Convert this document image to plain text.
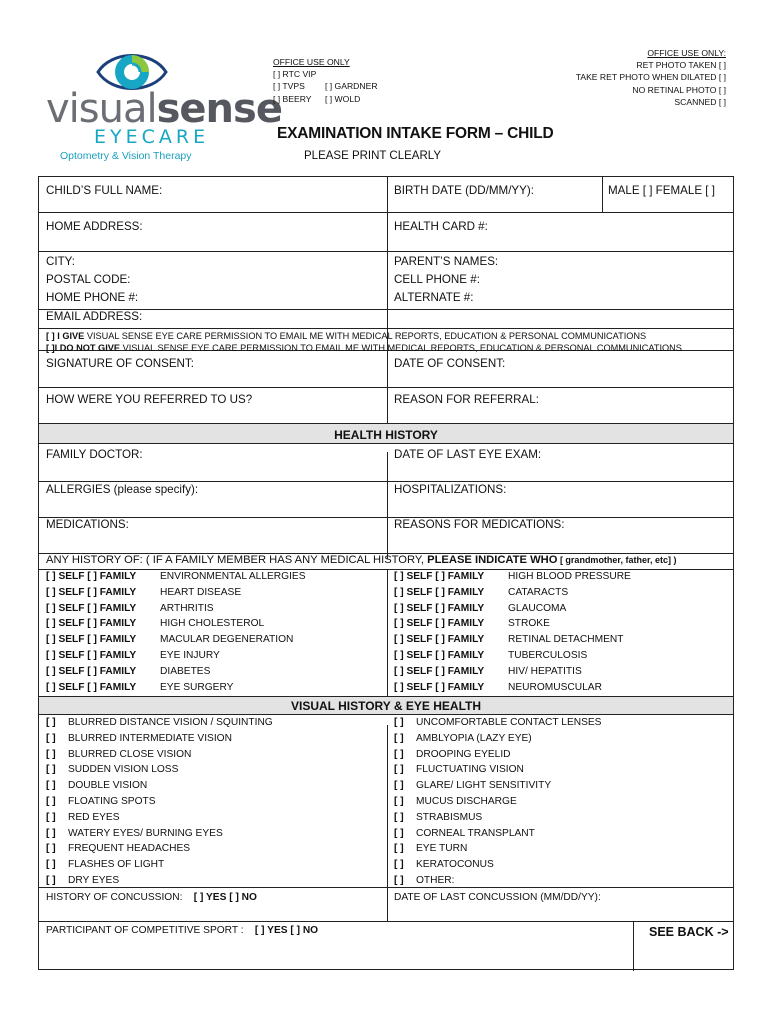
visualsense
EYECARE
Optometry & Vision Therapy
OFFICE USE ONLY
[ ] RTC VIP
[ ] TVPS [ ] GARDNER
[ ] BEERY [ ] WOLD
OFFICE USE ONLY:
RET PHOTO TAKEN [ ]
TAKE RET PHOTO WHEN DILATED [ ]
NO RETINAL PHOTO [ ]
SCANNED [ ]
EXAMINATION INTAKE FORM – CHILD
PLEASE PRINT CLEARLY
CHILD’S FULL NAME:	BIRTH DATE (DD/MM/YY):	MALE [ ] FEMALE [ ]
HOME ADDRESS:	HEALTH CARD #:
CITY:	PARENT’S NAMES:
POSTAL CODE:	CELL PHONE #:
HOME PHONE #:	ALTERNATE #:
EMAIL ADDRESS:
[ ] I GIVE VISUAL SENSE EYE CARE PERMISSION TO EMAIL ME WITH MEDICAL REPORTS, EDUCATION & PERSONAL COMMUNICATIONS
[ ]I DO NOT GIVE VISUAL SENSE EYE CARE PERMISSION TO EMAIL ME WITH MEDICAL REPORTS, EDUCATION & PERSONAL COMMUNICATIONS
SIGNATURE OF CONSENT:	DATE OF CONSENT:
HOW WERE YOU REFERRED TO US?	REASON FOR REFERRAL:
HEALTH HISTORY
FAMILY DOCTOR:	DATE OF LAST EYE EXAM:
ALLERGIES (please specify):	HOSPITALIZATIONS:
MEDICATIONS:	REASONS FOR MEDICATIONS:
ANY HISTORY OF: ( IF A FAMILY MEMBER HAS ANY MEDICAL HISTORY, PLEASE INDICATE WHO [ grandmother, father, etc] )
[ ] SELF [ ] FAMILY ENVIRONMENTAL ALLERGIES
[ ] SELF [ ] FAMILY HEART DISEASE
[ ] SELF [ ] FAMILY ARTHRITIS
[ ] SELF [ ] FAMILY HIGH CHOLESTEROL
[ ] SELF [ ] FAMILY MACULAR DEGENERATION
[ ] SELF [ ] FAMILY EYE INJURY
[ ] SELF [ ] FAMILY DIABETES
[ ] SELF [ ] FAMILY EYE SURGERY
[ ] SELF [ ] FAMILY HIGH BLOOD PRESSURE
[ ] SELF [ ] FAMILY CATARACTS
[ ] SELF [ ] FAMILY GLAUCOMA
[ ] SELF [ ] FAMILY STROKE
[ ] SELF [ ] FAMILY RETINAL DETACHMENT
[ ] SELF [ ] FAMILY TUBERCULOSIS
[ ] SELF [ ] FAMILY HIV/ HEPATITIS
[ ] SELF [ ] FAMILY NEUROMUSCULAR
VISUAL HISTORY & EYE HEALTH
[ ] BLURRED DISTANCE VISION / SQUINTING
[ ] BLURRED INTERMEDIATE VISION
[ ] BLURRED CLOSE VISION
[ ] SUDDEN VISION LOSS
[ ] DOUBLE VISION
[ ] FLOATING SPOTS
[ ] RED EYES
[ ] WATERY EYES/ BURNING EYES
[ ] FREQUENT HEADACHES
[ ] FLASHES OF LIGHT
[ ] DRY EYES
[ ] UNCOMFORTABLE CONTACT LENSES
[ ] AMBLYOPIA (LAZY EYE)
[ ] DROOPING EYELID
[ ] FLUCTUATING VISION
[ ] GLARE/ LIGHT SENSITIVITY
[ ] MUCUS DISCHARGE
[ ] STRABISMUS
[ ] CORNEAL TRANSPLANT
[ ] EYE TURN
[ ] KERATOCONUS
[ ] OTHER:
HISTORY OF CONCUSSION: [ ] YES [ ] NO	DATE OF LAST CONCUSSION (MM/DD/YY):
PARTICIPANT OF COMPETITIVE SPORT : [ ] YES [ ] NO	SEE BACK ->
